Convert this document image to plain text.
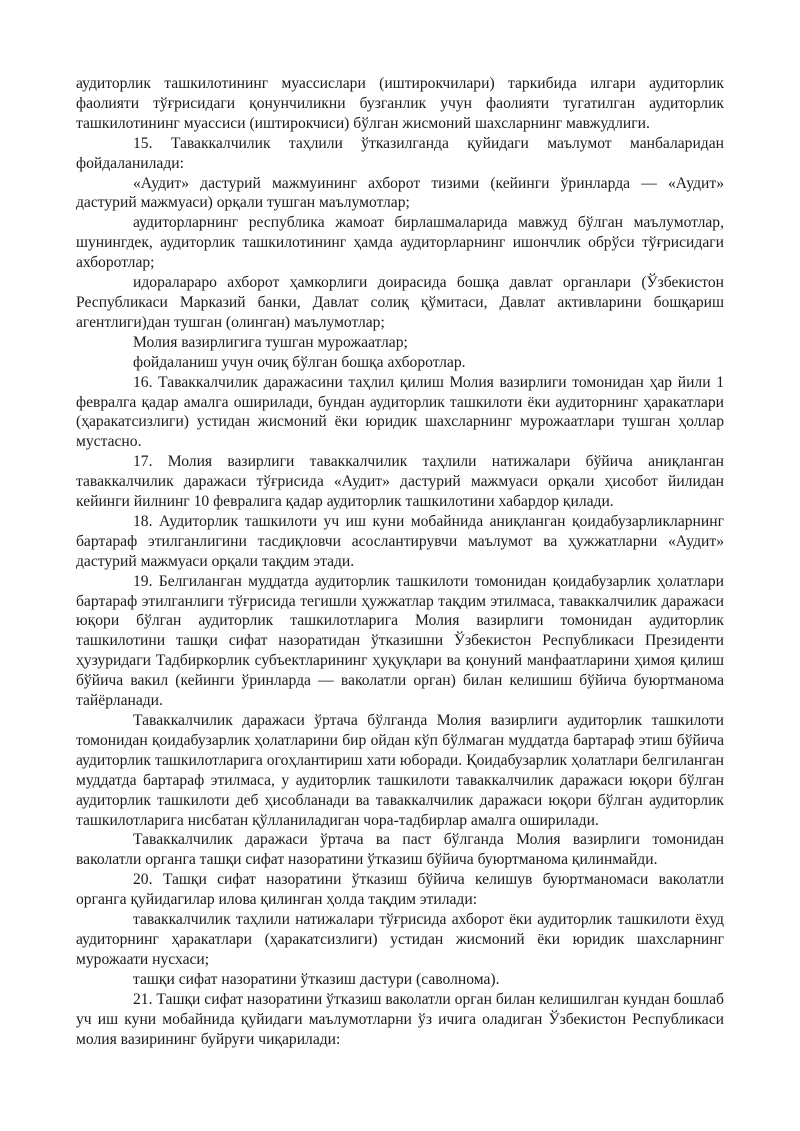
аудиторлик ташкилотининг муассислари (иштирокчилари) таркибида илгари аудиторлик фаолияти тўғрисидаги қонунчиликни бузганлик учун фаолияти тугатилган аудиторлик ташкилотининг муассиси (иштирокчиси) бўлган жисмоний шахсларнинг мавжудлиги.

15. Таваккалчилик таҳлили ўтказилганда қуйидаги маълумот манбаларидан фойдаланилади:

«Аудит» дастурий мажмуининг ахборот тизими (кейинги ўринларда — «Аудит» дастурий мажмуаси) орқали тушган маълумотлар;

аудиторларнинг республика жамоат бирлашмаларида мавжуд бўлган маълумотлар, шунингдек, аудиторлик ташкилотининг ҳамда аудиторларнинг ишончлик обрўси тўғрисидаги ахборотлар;

идоралараро ахборот ҳамкорлиги доирасида бошқа давлат органлари (Ўзбекистон Республикаси Марказий банки, Давлат солиқ қўмитаси, Давлат активларини бошқариш агентлиги)дан тушган (олинган) маълумотлар;

Молия вазирлигига тушган мурожаатлар;

фойдаланиш учун очиқ бўлган бошқа ахборотлар.

16. Таваккалчилик даражасини таҳлил қилиш Молия вазирлиги томонидан ҳар йили 1 февралга қадар амалга оширилади, бундан аудиторлик ташкилоти ёки аудиторнинг ҳаракатлари (ҳаракатсизлиги) устидан жисмоний ёки юридик шахсларнинг мурожаатлари тушган ҳоллар мустасно.

17. Молия вазирлиги таваккалчилик таҳлили натижалари бўйича аниқланган таваккалчилик даражаси тўғрисида «Аудит» дастурий мажмуаси орқали ҳисобот йилидан кейинги йилнинг 10 февралига қадар аудиторлик ташкилотини хабардор қилади.

18. Аудиторлик ташкилоти уч иш куни мобайнида аниқланган қоидабузарликларнинг бартараф этилганлигини тасдиқловчи асослантирувчи маълумот ва ҳужжатларни «Аудит» дастурий мажмуаси орқали тақдим этади.

19. Белгиланган муддатда аудиторлик ташкилоти томонидан қоидабузарлик ҳолатлари бартараф этилганлиги тўғрисида тегишли ҳужжатлар тақдим этилмаса, таваккалчилик даражаси юқори бўлган аудиторлик ташкилотларига Молия вазирлиги томонидан аудиторлик ташкилотини ташқи сифат назоратидан ўтказишни Ўзбекистон Республикаси Президенти ҳузуридаги Тадбиркорлик субъектларининг ҳуқуқлари ва қонуний манфаатларини ҳимоя қилиш бўйича вакил (кейинги ўринларда — ваколатли орган) билан келишиш бўйича буюртманома тайёрланади.

Таваккалчилик даражаси ўртача бўлганда Молия вазирлиги аудиторлик ташкилоти томонидан қоидабузарлик ҳолатларини бир ойдан кўп бўлмаган муддатда бартараф этиш бўйича аудиторлик ташкилотларига огоҳлантириш хати юборади. Қоидабузарлик ҳолатлари белгиланган муддатда бартараф этилмаса, у аудиторлик ташкилоти таваккалчилик даражаси юқори бўлган аудиторлик ташкилоти деб ҳисобланади ва таваккалчилик даражаси юқори бўлган аудиторлик ташкилотларига нисбатан қўлланиладиган чора-тадбирлар амалга оширилади.

Таваккалчилик даражаси ўртача ва паст бўлганда Молия вазирлиги томонидан ваколатли органга ташқи сифат назоратини ўтказиш бўйича буюртманома қилинмайди.

20. Ташқи сифат назоратини ўтказиш бўйича келишув буюртманомаси ваколатли органга қуйидагилар илова қилинган ҳолда тақдим этилади:

таваккалчилик таҳлили натижалари тўғрисида ахборот ёки аудиторлик ташкилоти ёхуд аудиторнинг ҳаракатлари (ҳаракатсизлиги) устидан жисмоний ёки юридик шахсларнинг мурожаати нусхаси;

ташқи сифат назоратини ўтказиш дастури (саволнома).

21. Ташқи сифат назоратини ўтказиш ваколатли орган билан келишилган кундан бошлаб уч иш куни мобайнида қуйидаги маълумотларни ўз ичига оладиган Ўзбекистон Республикаси молия вазирининг буйруғи чиқарилади:
